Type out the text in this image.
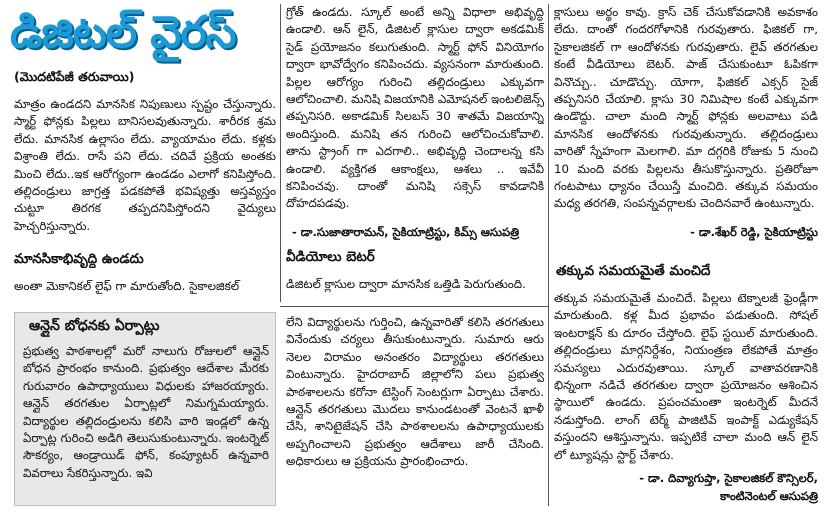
డిజిటల్ వైరస్
(మొదటిపేజీ తరువాయి)
మాత్రం ఉండదని మానసిక నిపుణులు స్పష్టం చేస్తున్నారు. స్మార్ట్ ఫోన్లకు పిల్లలు బానిసలవుతున్నారు. శారీరక శ్రమ లేదు. మానసిక ఉల్లాసం లేదు. వ్యాయామం లేదు. కళ్లకు విశ్రాంతి లేదు. రాసే పని లేదు. చదివే ప్రక్రియ అంతకు మించి లేదు..ఇక ఆరోగ్యంగా ఉండడం ఎలాగో కనిపిస్తోంది. తల్లిదండ్రులు జాగ్రత్త పడకపోతే భవిష్యత్తు అస్తవ్యస్తం చుట్టూ తిరగక తప్పదనిపిస్తోందని వైద్యులు హెచ్చరిస్తున్నారు.
మానసికాభివృద్ధి ఉండదు
అంతా మెకానికల్ లైఫ్ గా మారుతోంది. సైకాలజికల్
ఆన్లైన్ బోధనకు ఏర్పాట్లు
ప్రభుత్వ పాఠశాలల్లో మరో నాలుగు రోజులలో ఆన్లైన్ బోధన ప్రారంభం కానుంది. ప్రభుత్వం ఆదేశాల మేరకు గురువారం ఉపాధ్యాయులు విధులకు హాజరయ్యారు. ఆన్లైన్ తరగతుల ఏర్పాట్లలో నిమగ్నమయ్యారు. విద్యార్థుల తల్లిదండ్రులను కలిసి వారి ఇండ్లలో ఉన్న ఏర్పాట్ల గురించి అడిగి తెలుసుకుంటున్నారు. ఇంటర్నెట్ సౌకర్యం, ఆండ్రాయిడ్ ఫోన్, కంప్యూటర్ ఉన్నవారి వివరాలు సేకరిస్తున్నారు. ఇవి
గ్రోత్ ఉండదు. స్కూల్ అంటే అన్ని విధాలా అభివృద్ధి ఉండాలి. ఆన్ లైన్, డిజిటల్ క్లాసుల ద్వారా అకడమిక్ సైడ్ ప్రయోజనం కలుగుతుంది. స్మార్ట్ ఫోన్ వినియోగం ద్వారా భావోద్వేగం కనిపించదు. వ్యసనంగా మారుతుంది. పిల్లల ఆరోగ్యం గురించి తల్లిదండ్రులు ఎక్కువగా ఆలోచించాలి. మనిషి విజయానికి ఎమోషనల్ ఇంటలిజెన్స్ తప్పనిసరి. అకాడమిక్ సిలబస్ 30 శాతమే విజయాన్ని అందిస్తుంది. మనిషి తన గురించి ఆలోచించుకోవాలి. తాను స్ట్రాంగ్ గా ఎదగాలి.. అభివృద్ధి చెందాలన్న కసి ఉండాలి. వ్యక్తిగత ఆకాంక్షలు, ఆశలు .. ఇవేవీ కనిపించవు. దాంతో మనిషి సక్సెస్ కావడానికి దోహదపడవు.
- డా.సుజాతారామన్, సైకియాట్రిస్టు, కిమ్స్ ఆసుపత్రి
వీడియోలు బెటర్
డిజిటల్ క్లాసుల ద్వారా మానసిక ఒత్తిడి పెరుగుతుంది.
లేని విద్యార్థులను గుర్తించి, ఉన్నవారితో కలిసి తరగతులు వినేందుకు చర్యలు తీసుకుంటున్నారు. సుమారు ఆరు నెలల విరామం అనంతరం విద్యార్థులు తరగతులు వింటున్నారు. హైదరాబాద్ జిల్లాలోని పలు ప్రభుత్వ పాఠశాలలను కరోనా టెస్టింగ్ సెంటర్లుగా ఏర్పాటు చేశారు. ఆన్లైన్ తరగతులు మొదలు కానుండటంతో వెంటనే ఖాళీ చేసి, శానిటైజేషన్ చేసి పాఠశాలలను ఉపాధ్యాయులకు అప్పగించాలని ప్రభుత్వం ఆదేశాలు జారీ చేసింది. అధికారులు ఆ ప్రక్రియను ప్రారంభించారు.
క్లాసులు అర్థం కావు. క్రాస్ చెక్ చేసుకోవడానికి అవకాశం లేదు. దాంతో గందరగోళానికి గురవుతారు. ఫిజికల్ గా, సైకాలజికల్ గా ఆందోళనకు గురవుతారు. లైవ్ తరగతుల కంటే వీడియోలు బెటర్. పాజ్ చేసుకుంటూ ఓపికగా వినొచ్చు.. చూడొచ్చు. యోగా, ఫిజికల్ ఎక్సర్ సైజ్ తప్పనిసరి చేయాలి. క్లాసు 30 నిమిషాల కంటే ఎక్కువగా ఉండొద్దు. చాలా మంది స్మార్ట్ ఫోన్లకు అలవాటు పడి మానసిక ఆందోళనకు గురవుతున్నారు. తల్లిదండ్రులు వారితో స్నేహంగా మెలగాలి. మా దగ్గరికి రోజుకు 5 నుంచి 10 మంది వరకు పిల్లలను తీసుకొస్తున్నారు. ప్రతిరోజూ గంటపాటు ధ్యానం చేయిస్తే మంచిది. తక్కువ సమయం మధ్య తరగతి, సంపన్నవర్గాలకు చెందినవారే ఉంటున్నారు.
- డా.శేఖర్ రెడ్డి, సైకియాట్రిస్టు
తక్కువ సమయమైతే మంచిదే
తక్కువ సమయమైతే మంచిదే. పిల్లలు టెక్నాలజీ ఫ్రెండ్లీగా మారుతుంది. కళ్ల మీద ప్రభావం పడుతుంది. సోషల్ ఇంటరాక్షన్ కు దూరం చేస్తోంది. లైఫ్ స్టయిల్ మారుతుంది. తల్లిదండ్రులు మార్గనిర్దేశం, నియంత్రణ లేకపోతే మాత్రం సమస్యలు ఎదురవుతాయి. స్కూల్ వాతావరణానికి భిన్నంగా నడిచే తరగతుల ద్వారా ప్రయోజనం ఆశించిన స్థాయిలో ఉండదు. ప్రపంచమంతా ఇంటర్నెట్ మీదనే నడుస్తోంది. లాంగ్ టెర్మ్ పాజిటివ్ ఇంపాక్ట్ ఎడ్యుకేషన్ వస్తుందని ఆశిస్తున్నాను. ఇప్పటికే చాలా మంది ఆన్ లైన్ లో ట్యూషన్లు స్టార్ట్ చేశారు.
- డా. దివ్యాగుప్తా, సైకాలజికల్ కౌన్సిలర్,
కాంటినెంటల్ ఆసుపత్రి
